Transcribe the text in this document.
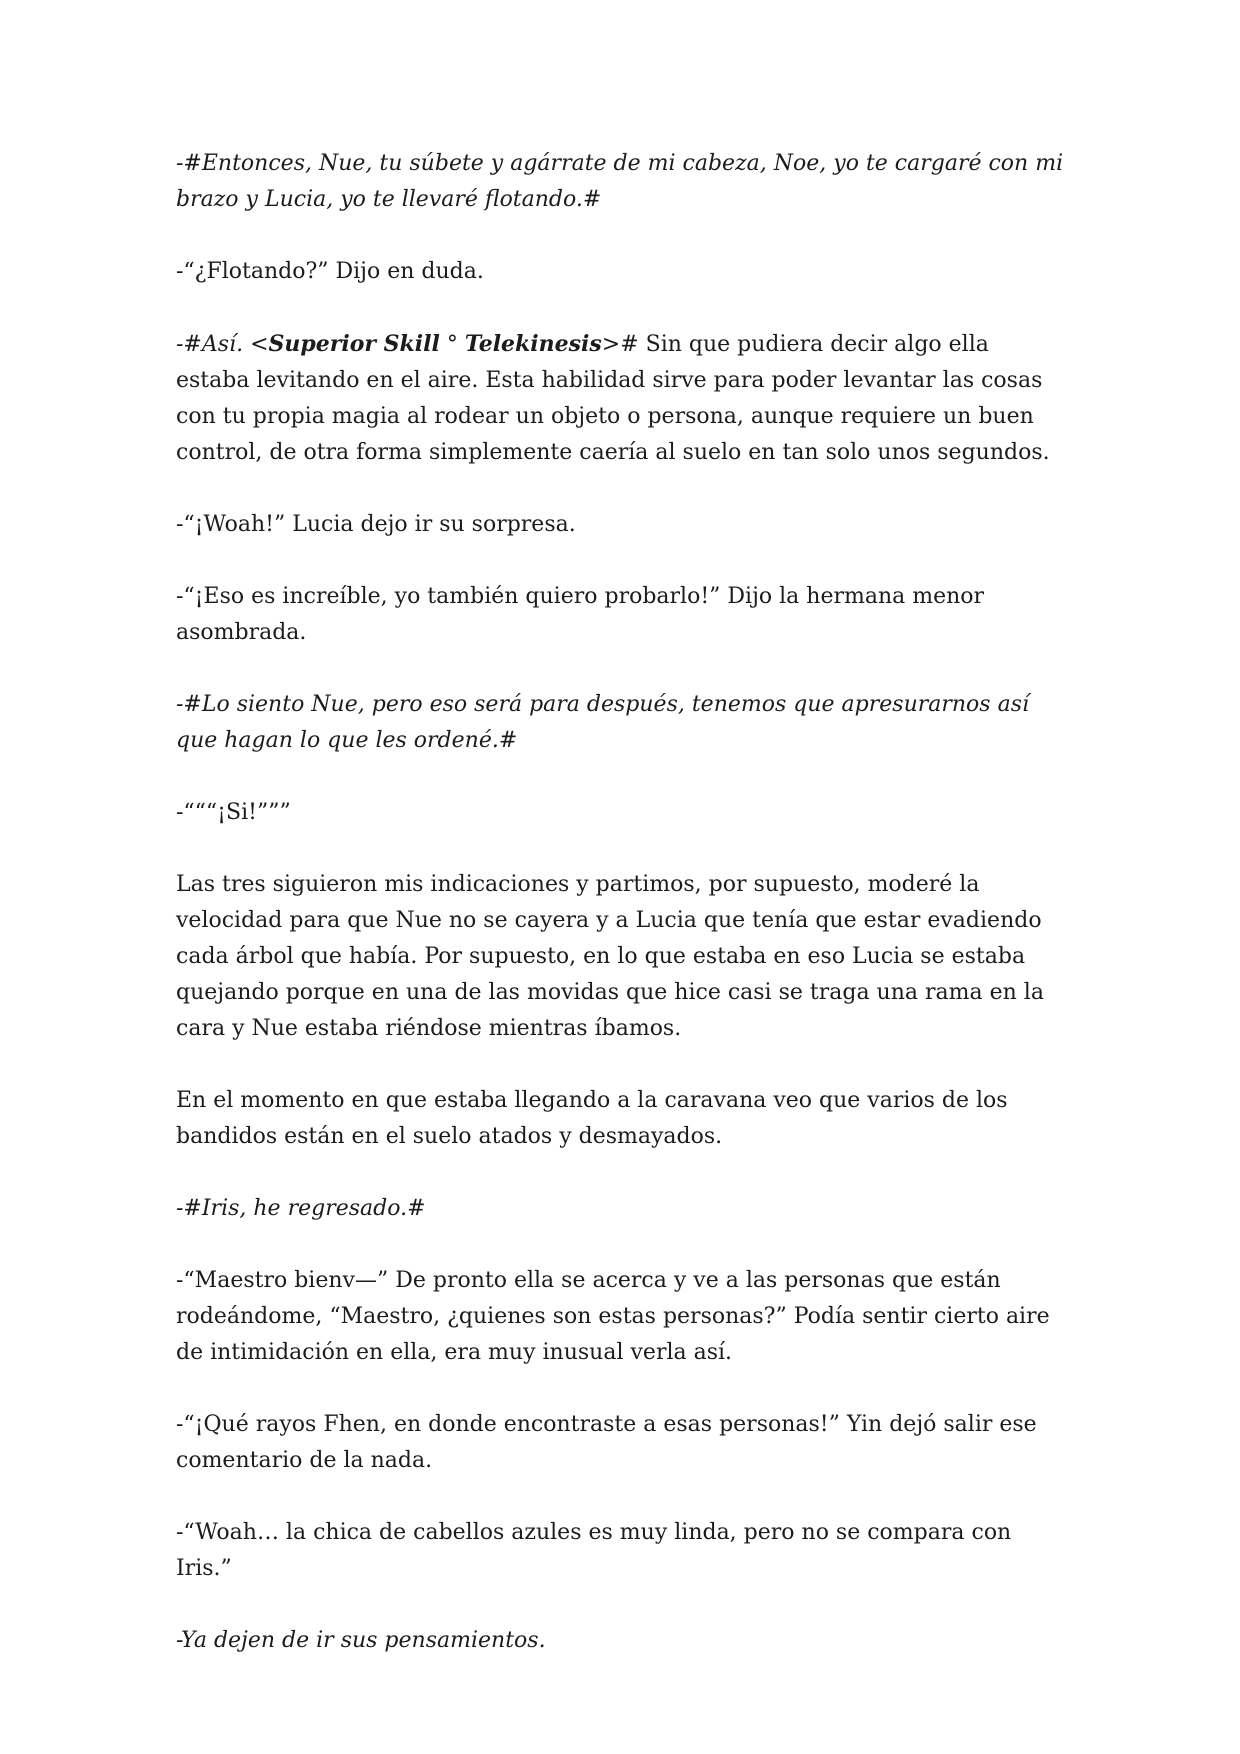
-#Entonces, Nue, tu súbete y agárrate de mi cabeza, Noe, yo te cargaré con mi brazo y Lucia, yo te llevaré flotando.#

-“¿Flotando?” Dijo en duda.

-#Así. <Superior Skill ° Telekinesis># Sin que pudiera decir algo ella estaba levitando en el aire. Esta habilidad sirve para poder levantar las cosas con tu propia magia al rodear un objeto o persona, aunque requiere un buen control, de otra forma simplemente caería al suelo en tan solo unos segundos.

-“¡Woah!” Lucia dejo ir su sorpresa.

-“¡Eso es increíble, yo también quiero probarlo!” Dijo la hermana menor asombrada.

-#Lo siento Nue, pero eso será para después, tenemos que apresurarnos así que hagan lo que les ordené.#

-“““¡Si!”””

Las tres siguieron mis indicaciones y partimos, por supuesto, moderé la velocidad para que Nue no se cayera y a Lucia que tenía que estar evadiendo cada árbol que había. Por supuesto, en lo que estaba en eso Lucia se estaba quejando porque en una de las movidas que hice casi se traga una rama en la cara y Nue estaba riéndose mientras íbamos.

En el momento en que estaba llegando a la caravana veo que varios de los bandidos están en el suelo atados y desmayados.

-#Iris, he regresado.#

-“Maestro bienv—” De pronto ella se acerca y ve a las personas que están rodeándome, “Maestro, ¿quienes son estas personas?” Podía sentir cierto aire de intimidación en ella, era muy inusual verla así.

-“¡Qué rayos Fhen, en donde encontraste a esas personas!” Yin dejó salir ese comentario de la nada.

-“Woah… la chica de cabellos azules es muy linda, pero no se compara con Iris.”

-Ya dejen de ir sus pensamientos.
